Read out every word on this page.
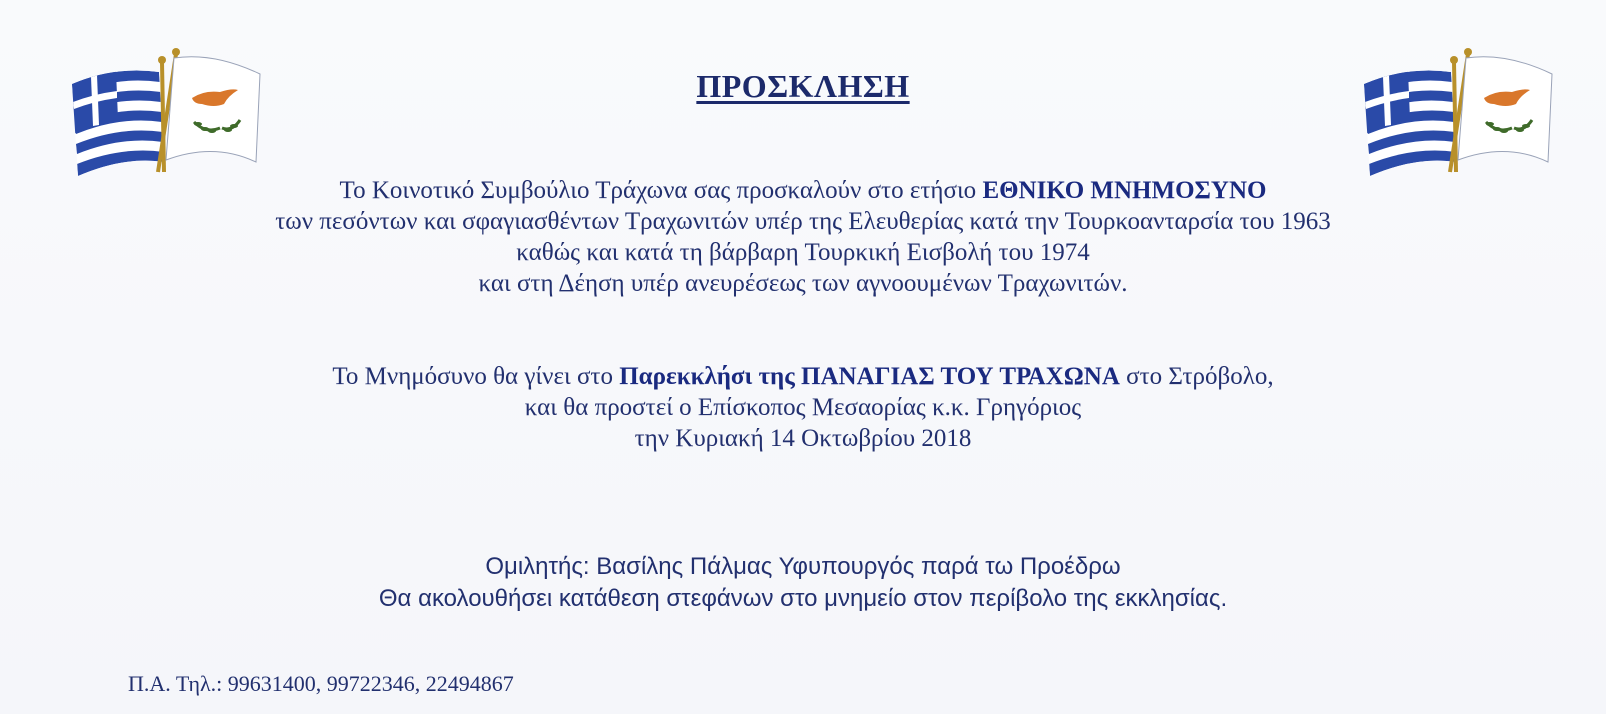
ΠΡΟΣΚΛΗΣΗ

Το Κοινοτικό Συμβούλιο Τράχωνα σας προσκαλούν στο ετήσιο ΕΘΝΙΚΟ ΜΝΗΜΟΣΥΝΟ

των πεσόντων και σφαγιασθέντων Τραχωνιτών υπέρ της Ελευθερίας κατά την Τουρκοανταρσία του 1963

καθώς και κατά τη βάρβαρη Τουρκική Εισβολή του 1974

και στη Δέηση υπέρ ανευρέσεως των αγνοουμένων Τραχωνιτών.

Το Μνημόσυνο θα γίνει στο Παρεκκλήσι της ΠΑΝΑΓΙΑΣ ΤΟΥ ΤΡΑΧΩΝΑ στο Στρόβολο,

και θα προστεί ο Επίσκοπος Μεσαορίας κ.κ. Γρηγόριος

την Κυριακή 14 Οκτωβρίου 2018

Ομιλητής: Βασίλης Πάλμας Υφυπουργός παρά τω Προέδρω

Θα ακολουθήσει κατάθεση στεφάνων στο μνημείο στον περίβολο της εκκλησίας.

Π.Α. Τηλ.: 99631400, 99722346, 22494867
